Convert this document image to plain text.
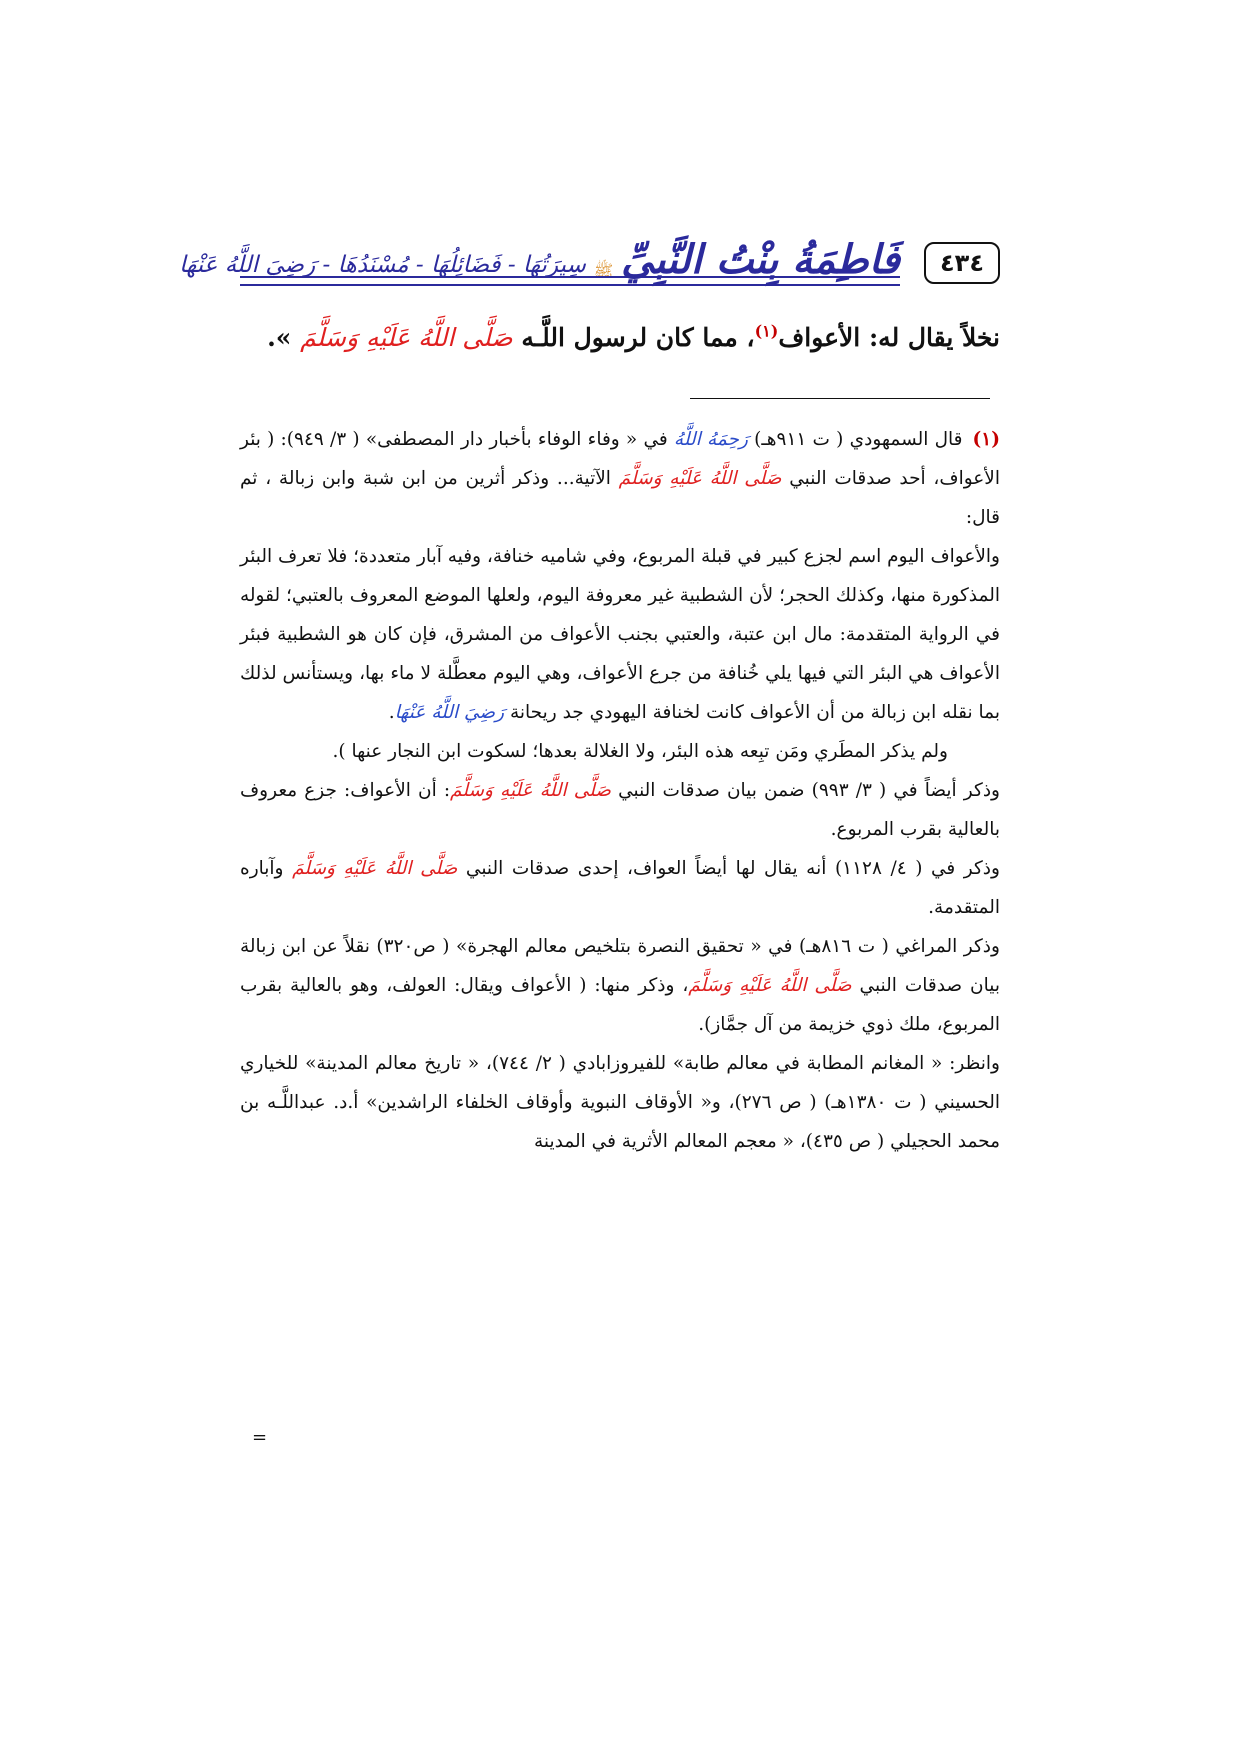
٤٣٤
فَاطِمَةُ بِنْتُ النَّبِيِّ
ﷺ
سِيرَتُهَا - فَضَائِلُهَا - مُسْنَدُهَا - رَضِيَ اللَّهُ عَنْهَا
نخلاً يقال له: الأعواف$^{(١)}$، مما كان لرسول اللَّـه صَلَّى اللَّهُ عَلَيْهِ وَسَلَّمَ ».

(١)قال السمهودي ( ت ٩١١هـ) رَحِمَهُ اللَّهُ في « وفاء الوفاء بأخبار دار المصطفى» ( ٣/ ٩٤٩): ( بئر الأعواف، أحد صدقات النبي صَلَّى اللَّهُ عَلَيْهِ وَسَلَّمَ الآتية... وذكر أثرين من ابن شبة وابن زبالة ، ثم قال:

والأعواف اليوم اسم لجزع كبير في قبلة المربوع، وفي شاميه خنافة، وفيه آبار متعددة؛ فلا تعرف البئر المذكورة منها، وكذلك الحجر؛ لأن الشطبية غير معروفة اليوم، ولعلها الموضع المعروف بالعتبي؛ لقوله في الرواية المتقدمة: مال ابن عتبة، والعتبي بجنب الأعواف من المشرق، فإن كان هو الشطبية فبئر الأعواف هي البئر التي فيها يلي خُنافة من جرع الأعواف، وهي اليوم معطَّلة لا ماء بها، ويستأنس لذلك بما نقله ابن زبالة من أن الأعواف كانت لخنافة اليهودي جد ريحانة رَضِيَ اللَّهُ عَنْهَا.

ولم يذكر المطَري ومَن تبِعه هذه البئر، ولا الغلالة بعدها؛ لسكوت ابن النجار عنها ).

وذكر أيضاً في ( ٣/ ٩٩٣) ضمن بيان صدقات النبي صَلَّى اللَّهُ عَلَيْهِ وَسَلَّمَ: أن الأعواف: جزع معروف بالعالية بقرب المربوع.

وذكر في ( ٤/ ١١٢٨) أنه يقال لها أيضاً العواف، إحدى صدقات النبي صَلَّى اللَّهُ عَلَيْهِ وَسَلَّمَ وآباره المتقدمة.

وذكر المراغي ( ت ٨١٦هـ) في « تحقيق النصرة بتلخيص معالم الهجرة» ( ص٣٢٠) نقلاً عن ابن زبالة بيان صدقات النبي صَلَّى اللَّهُ عَلَيْهِ وَسَلَّمَ، وذكر منها: ( الأعواف ويقال: العولف، وهو بالعالية بقرب المربوع، ملك ذوي خزيمة من آل جمَّاز).

وانظر: « المغانم المطابة في معالم طابة» للفيروزابادي ( ٢/ ٧٤٤)، « تاريخ معالم المدينة» للخياري الحسيني ( ت ١٣٨٠هـ) ( ص ٢٧٦)، و« الأوقاف النبوية وأوقاف الخلفاء الراشدين» أ.د. عبداللَّـه بن محمد الحجيلي ( ص ٤٣٥)، « معجم المعالم الأثرية في المدينة

=
